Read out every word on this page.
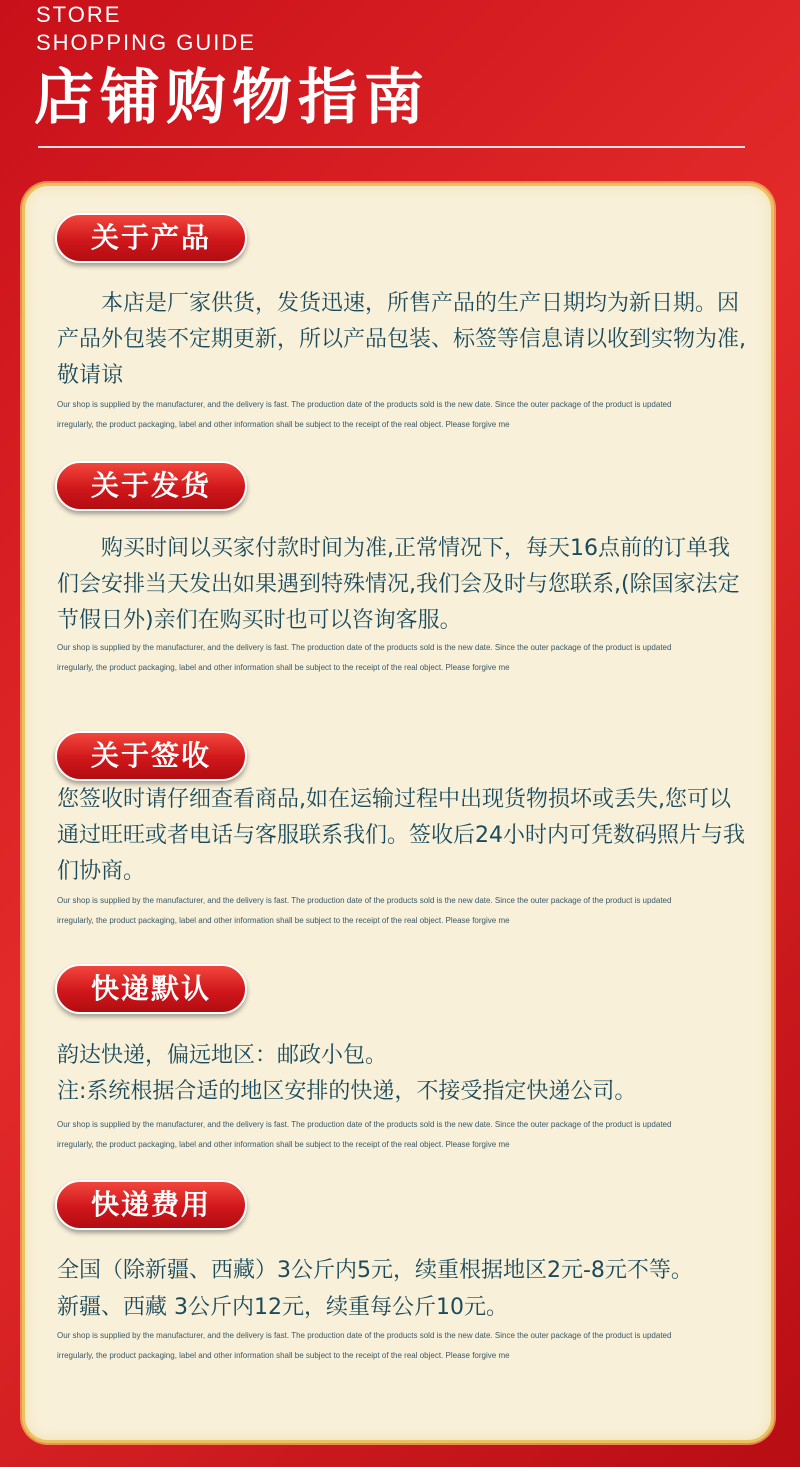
STORE
SHOPPING GUIDE
店铺购物指南
关于产品
本店是厂家供货，发货迅速，所售产品的生产日期均为新日期。因产品外包装不定期更新，所以产品包装、标签等信息请以收到实物为准,敬请谅
Our shop is supplied by the manufacturer, and the delivery is fast. The production date of the products sold is the new date. Since the outer package of the product is updated
irregularly, the product packaging, label and other information shall be subject to the receipt of the real object. Please forgive me
关于发货
购买时间以买家付款时间为准,正常情况下，每天16点前的订单我们会安排当天发出如果遇到特殊情况,我们会及时与您联系,(除国家法定节假日外)亲们在购买时也可以咨询客服。
Our shop is supplied by the manufacturer, and the delivery is fast. The production date of the products sold is the new date. Since the outer package of the product is updated
irregularly, the product packaging, label and other information shall be subject to the receipt of the real object. Please forgive me
关于签收
您签收时请仔细查看商品,如在运输过程中出现货物损坏或丢失,您可以通过旺旺或者电话与客服联系我们。签收后24小时内可凭数码照片与我们协商。
Our shop is supplied by the manufacturer, and the delivery is fast. The production date of the products sold is the new date. Since the outer package of the product is updated
irregularly, the product packaging, label and other information shall be subject to the receipt of the real object. Please forgive me
快递默认
韵达快递，偏远地区：邮政小包。
注:系统根据合适的地区安排的快递，不接受指定快递公司。
Our shop is supplied by the manufacturer, and the delivery is fast. The production date of the products sold is the new date. Since the outer package of the product is updated
irregularly, the product packaging, label and other information shall be subject to the receipt of the real object. Please forgive me
快递费用
全国（除新疆、西藏）3公斤内5元，续重根据地区2元-8元不等。
新疆、西藏 3公斤内12元，续重每公斤10元。
Our shop is supplied by the manufacturer, and the delivery is fast. The production date of the products sold is the new date. Since the outer package of the product is updated
irregularly, the product packaging, label and other information shall be subject to the receipt of the real object. Please forgive me
